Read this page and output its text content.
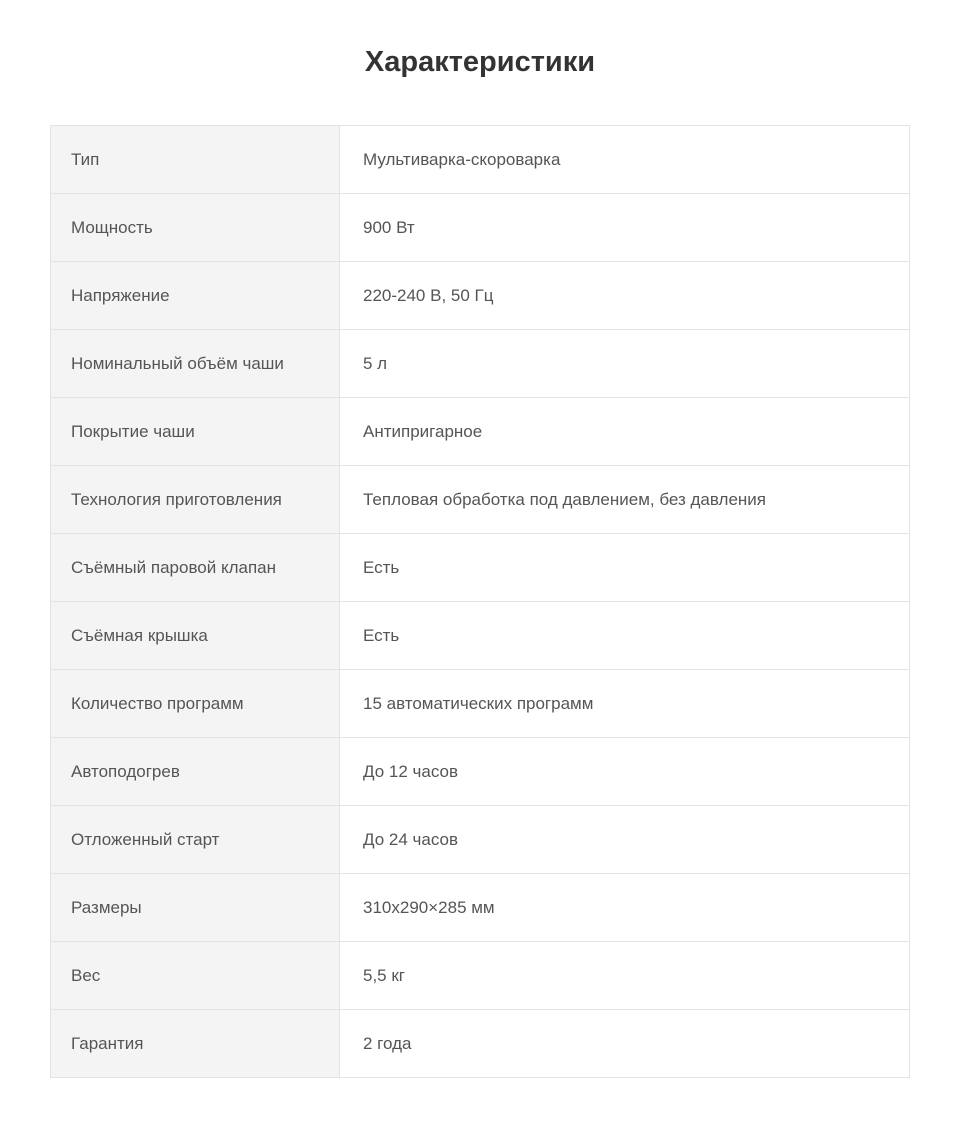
Характеристики
Тип	Мультиварка-скороварка
Мощность	900 Вт
Напряжение	220-240 В, 50 Гц
Номинальный объём чаши	5 л
Покрытие чаши	Антипригарное
Технология приготовления	Тепловая обработка под давлением, без давления
Съёмный паровой клапан	Есть
Съёмная крышка	Есть
Количество программ	15 автоматических программ
Автоподогрев	До 12 часов
Отложенный старт	До 24 часов
Размеры	310x290×285 мм
Вес	5,5 кг
Гарантия	2 года
